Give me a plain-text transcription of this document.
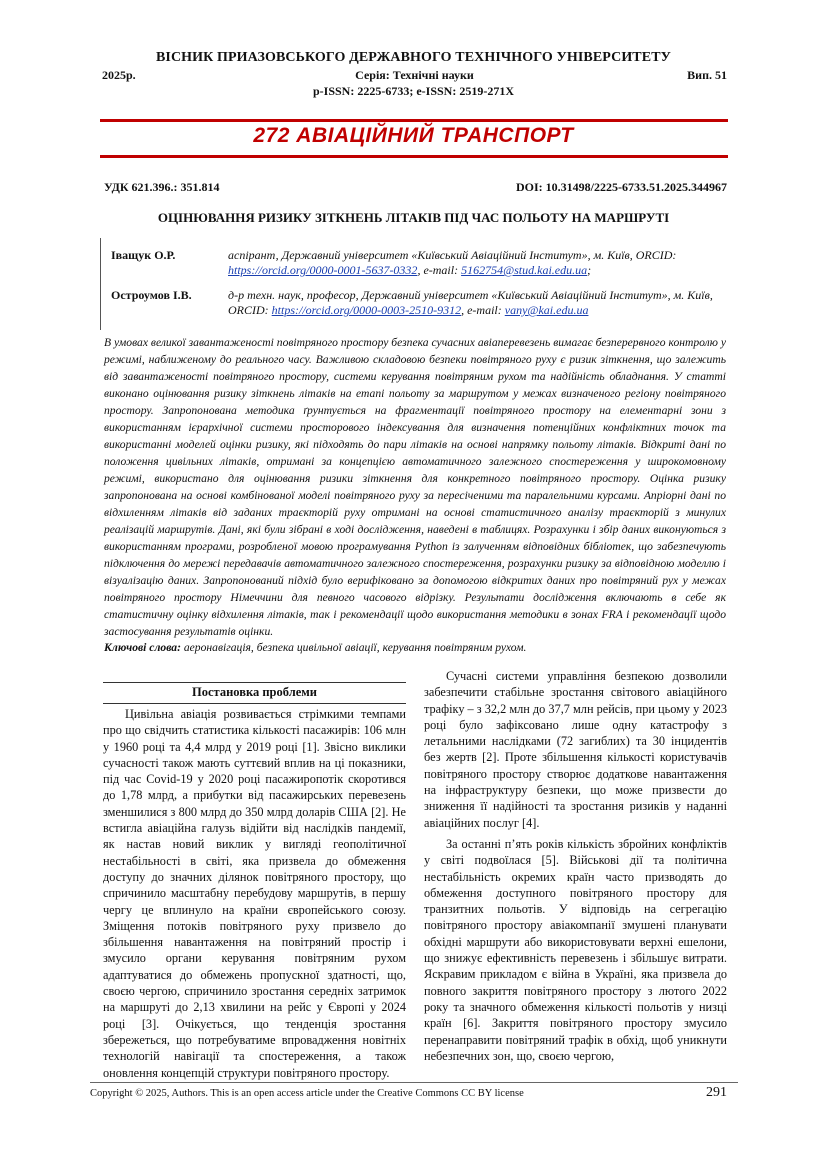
ВІСНИК ПРИАЗОВСЬКОГО ДЕРЖАВНОГО ТЕХНІЧНОГО УНІВЕРСИТЕТУ
Серія: Технічні науки
2025р.	Вип. 51
p-ISSN: 2225-6733; e-ISSN: 2519-271X
272 АВІАЦІЙНИЙ ТРАНСПОРТ
УДК 621.396.: 351.814	DOI: 10.31498/2225-6733.51.2025.344967
ОЦІНЮВАННЯ РИЗИКУ ЗІТКНЕНЬ ЛІТАКІВ ПІД ЧАС ПОЛЬОТУ НА МАРШРУТІ
Іващук О.Р.	аспірант, Державний університет «Київський Авіаційний Інститут», м. Київ, ORCID:
https://orcid.org/0000-0001-5637-0332, e-mail: 5162754@stud.kai.edu.ua;
Остроумов І.В.	д-р техн. наук, професор, Державний університет «Київський Авіаційний Інститут», м. Київ, ORCID: https://orcid.org/0000-0003-2510-9312, e-mail: vany@kai.edu.ua
В умовах великої завантаженості повітряного простору безпека сучасних авіаперевезень вимагає безперервного контролю у режимі, наближеному до реального часу. Важливою складовою безпеки повітряного руху є ризик зіткнення, що залежить від завантаженості повітряного простору, системи керування повітряним рухом та надійність обладнання. У статті виконано оцінювання ризику зіткнень літаків на етапі польоту за маршрутом у межах визначеного регіону повітряного простору. Запропонована методика ґрунтується на фрагментації повітряного простору на елементарні зони з використанням ієрархічної системи просторового індексування для визначення потенційних конфліктних точок та використанні моделей оцінки ризику, які підходять до пари літаків на основі напрямку польоту літаків. Відкриті дані по положення цивільних літаків, отримані за концепцією автоматичного залежного спостереження у широкомовному режимі, використано для оцінювання ризики зіткнення для конкретного повітряного простору. Оцінка ризику запропонована на основі комбінованої моделі повітряного руху за пересіченими та паралельними курсами. Апріорні дані по відхиленням літаків від заданих траєкторій руху отримані на основі статистичного аналізу траєкторій з минулих реалізацій маршрутів. Дані, які були зібрані в ході дослідження, наведені в таблицях. Розрахунки і збір даних виконуються з використанням програми, розробленої мовою програмування Python із залученням відповідних бібліотек, що забезпечують підключення до мережі передавачів автоматичного залежного спостереження, розрахунки ризику за відповідною моделлю і візуалізацію даних. Запропонований підхід було верифіковано за допомогою відкритих даних про повітряний рух у межах повітряного простору Німеччини для певного часового відрізку. Результати дослідження включають в себе як статистичну оцінку відхилення літаків, так і рекомендації щодо використання методики в зонах FRA і рекомендації щодо застосування результатів оцінки.
Ключові слова: аеронавігація, безпека цивільної авіації, керування повітряним рухом.
Постановка проблеми

Цивільна авіація розвивається стрімкими темпами про що свідчить статистика кількості пасажирів: 106 млн у 1960 році та 4,4 млрд у 2019 році [1]. Звісно виклики сучасності також мають суттєвий вплив на ці показники, під час Covid-19 у 2020 році пасажиропотік скоротився до 1,78 млрд, а прибутки від пасажирських перевезень зменшилися з 800 млрд до 350 млрд доларів США [2]. Не встигла авіаційна галузь відійти від наслідків пандемії, як настав новий виклик у вигляді геополітичної нестабільності в світі, яка призвела до обмеження доступу до значних ділянок повітряного простору, що спричинило масштабну перебудову маршрутів, в першу чергу це вплинуло на країни європейського союзу. Зміщення потоків повітряного руху призвело до збільшення навантаження на повітряний простір і змусило органи керування повітряним рухом адаптуватися до обмежень пропускної здатності, що, своєю чергою, спричинило зростання середніх затримок на маршруті до 2,13 хвилини на рейс у Європі у 2024 році [3]. Очікується, що тенденція зростання збережеться, що потребуватиме впровадження новітніх технологій навігації та спостереження, а також оновлення концепцій структури повітряного простору.

Сучасні системи управління безпекою дозволили забезпечити стабільне зростання світового авіаційного трафіку – з 32,2 млн до 37,7 млн рейсів, при цьому у 2023 році було зафіксовано лише одну катастрофу з летальними наслідками (72 загиблих) та 30 інцидентів без жертв [2]. Проте збільшення кількості користувачів повітряного простору створює додаткове навантаження на інфраструктуру безпеки, що може призвести до зниження її надійності та зростання ризиків у наданні авіаційних послуг [4].

За останні п’ять років кількість збройних конфліктів у світі подвоїлася [5]. Військові дії та політична нестабільність окремих країн часто призводять до обмеження доступного повітряного простору для транзитних польотів. У відповідь на сегрегацію повітряного простору авіакомпанії змушені планувати обхідні маршрути або використовувати верхні ешелони, що знижує ефективність перевезень і збільшує витрати. Яскравим прикладом є війна в Україні, яка призвела до повного закриття повітряного простору з лютого 2022 року та значного обмеження кількості польотів у низці країн [6]. Закриття повітряного простору змусило перенаправити повітряний трафік в обхід, щоб уникнути небезпечних зон, що, своєю чергою,

Copyright © 2025, Authors. This is an open access article under the Creative Commons CC BY license	291
